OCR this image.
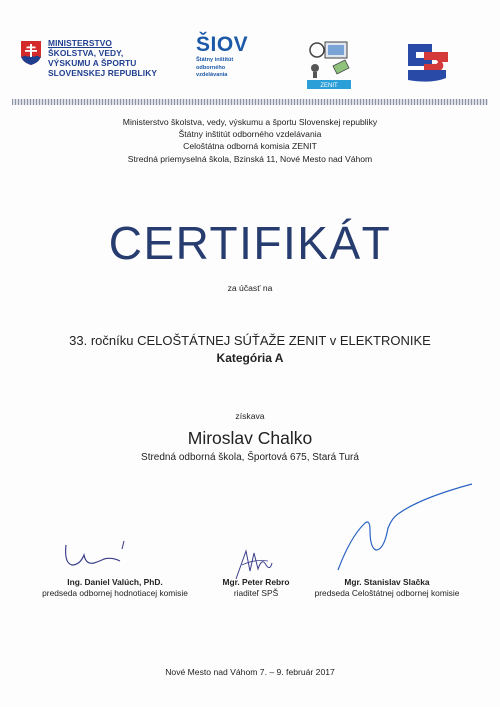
MINISTERSTVO
ŠKOLSTVA, VEDY,
VÝSKUMU A ŠPORTU
SLOVENSKEJ REPUBLIKY
ŠIOV
Štátny inštitút
odborného
vzdelávania
ZENIT
Ministerstvo školstva, vedy, výskumu a športu Slovenskej republiky
Štátny inštitút odborného vzdelávania
Celoštátna odborná komisia ZENIT
Stredná priemyselná škola, Bzinská 11, Nové Mesto nad Váhom
CERTIFIKÁT
za účasť na
33. ročníku CELOŠTÁTNEJ SÚŤAŽE ZENIT v ELEKTRONIKE
Kategória A
získava
Miroslav Chalko
Stredná odborná škola, Športová 675, Stará Turá
Ing. Daniel Valúch, PhD.
predseda odbornej hodnotiacej komisie
Mgr. Peter Rebro
riaditeľ SPŠ
Mgr. Stanislav Slačka
predseda Celoštátnej odbornej komisie
Nové Mesto nad Váhom 7. – 9. február 2017
